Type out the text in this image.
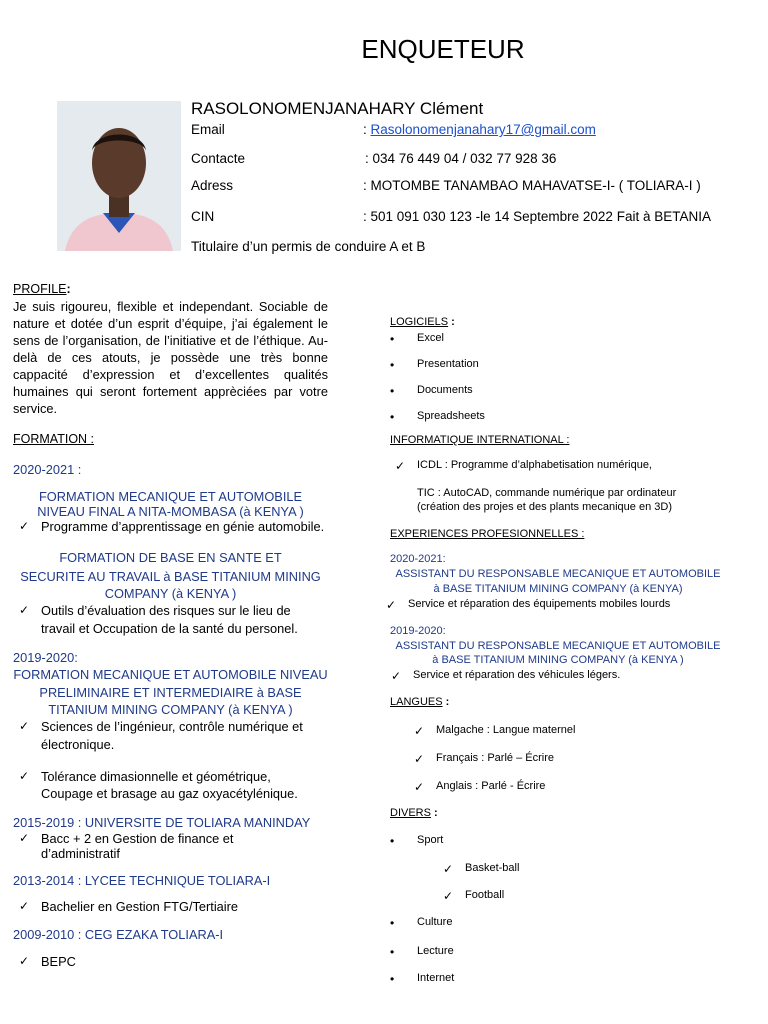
ENQUETEUR
RASOLONOMENJANAHARY Clément
Email	: Rasolonomenjanahary17@gmail.com
Contacte	: 034 76 449 04 / 032 77 928 36
Adress	: MOTOMBE TANAMBAO MAHAVATSE-I- ( TOLIARA-I )
CIN	: 501 091 030 123 -le 14 Septembre 2022 Fait à BETANIA
Titulaire d’un permis de conduire A et B
PROFILE:
Je suis rigoureu, flexible et independant. Sociable de nature et dotée d’un esprit d’équipe, j’ai également le sens de l’organisation, de l’initiative et de l’éthique. Au-delà de ces atouts, je possède une très bonne cappacité d’expression et d’excellentes qualités humaines qui seront fortement apprèciées par votre service.
FORMATION :
2020-2021 :
FORMATION MECANIQUE ET AUTOMOBILE
NIVEAU FINAL A NITA-MOMBASA (à KENYA )
✓ Programme d’apprentissage en génie automobile.
FORMATION DE BASE EN SANTE ET
SECURITE AU TRAVAIL à BASE TITANIUM MINING
COMPANY (à KENYA )
✓ Outils d’évaluation des risques sur le lieu de
travail et Occupation de la santé du personel.
2019-2020:
FORMATION MECANIQUE ET AUTOMOBILE NIVEAU
PRELIMINAIRE ET INTERMEDIAIRE à BASE
TITANIUM MINING COMPANY (à KENYA )
✓ Sciences de l’ingénieur, contrôle numérique et
électronique.
✓ Tolérance dimasionnelle et géométrique,
Coupage et brasage au gaz oxyacétylénique.
2015-2019 : UNIVERSITE DE TOLIARA MANINDAY
✓ Bacc + 2 en Gestion de finance et
d’administratif
2013-2014 : LYCEE TECHNIQUE TOLIARA-I
✓ Bachelier en Gestion FTG/Tertiaire
2009-2010 : CEG EZAKA TOLIARA-I
✓ BEPC
LOGICIELS :
• Excel
• Presentation
• Documents
• Spreadsheets
INFORMATIQUE INTERNATIONAL :
✓ ICDL : Programme d’alphabetisation numérique,
TIC : AutoCAD, commande numérique par ordinateur
(création des projes et des plants mecanique en 3D)
EXPERIENCES PROFESIONNELLES :
2020-2021:
ASSISTANT DU RESPONSABLE MECANIQUE ET AUTOMOBILE
à BASE TITANIUM MINING COMPANY (à KENYA)
✓ Service et réparation des équipements mobiles lourds
2019-2020:
ASSISTANT DU RESPONSABLE MECANIQUE ET AUTOMOBILE
à BASE TITANIUM MINING COMPANY (à KENYA )
✓ Service et réparation des véhicules légers.
LANGUES :
✓ Malgache : Langue maternel
✓ Français : Parlé – Écrire
✓ Anglais : Parlé - Écrire
DIVERS :
• Sport
✓ Basket-ball
✓ Football
• Culture
• Lecture
• Internet
